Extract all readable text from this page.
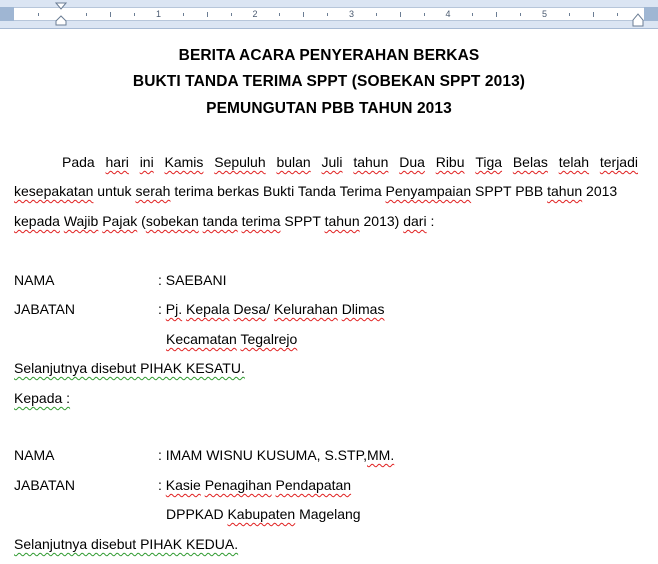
1	2	3	4	5
BERITA ACARA PENYERAHAN BERKAS
BUKTI TANDA TERIMA SPPT (SOBEKAN SPPT 2013)
PEMUNGUTAN PBB TAHUN 2013
Pada hari ini Kamis Sepuluh bulan Juli tahun Dua Ribu Tiga Belas telah terjadi
kesepakatan untuk serah terima berkas Bukti Tanda Terima Penyampaian SPPT PBB tahun 2013
kepada Wajib Pajak (sobekan tanda terima SPPT tahun 2013) dari :
NAMA	: SAEBANI
JABATAN	: Pj. Kepala Desa/ Kelurahan Dlimas
Kecamatan Tegalrejo
Selanjutnya disebut PIHAK KESATU.
Kepada :
NAMA	: IMAM WISNU KUSUMA, S.STP,MM.
JABATAN	: Kasie Penagihan Pendapatan
DPPKAD Kabupaten Magelang
Selanjutnya disebut PIHAK KEDUA.
